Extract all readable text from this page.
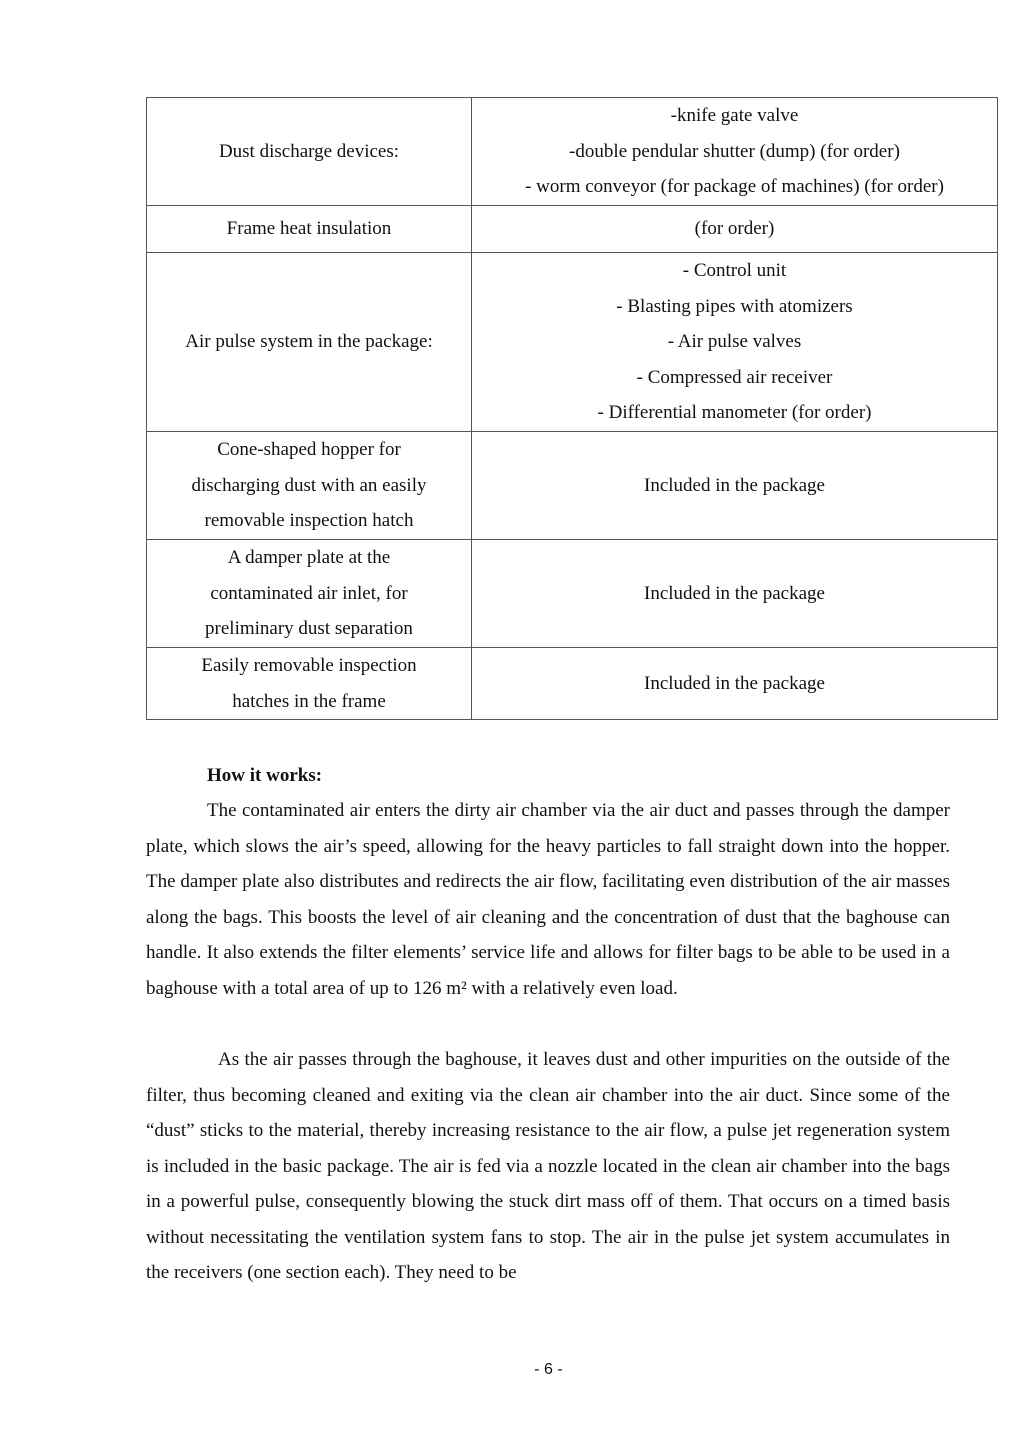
Dust discharge devices:	-knife gate valve
-double pendular shutter (dump) (for order)
- worm conveyor (for package of machines) (for order)

Frame heat insulation	(for order)

Air pulse system in the package:	- Control unit
- Blasting pipes with atomizers
- Air pulse valves
- Compressed air receiver
- Differential manometer (for order)

Cone-shaped hopper for
discharging dust with an easily
removable inspection hatch	Included in the package

A damper plate at the
contaminated air inlet, for
preliminary dust separation	Included in the package

Easily removable inspection
hatches in the frame	Included in the package
How it works:

The contaminated air enters the dirty air chamber via the air duct and passes through the damper plate, which slows the air’s speed, allowing for the heavy particles to fall straight down into the hopper. The damper plate also distributes and redirects the air flow, facilitating even distribution of the air masses along the bags. This boosts the level of air cleaning and the concentration of dust that the baghouse can handle. It also extends the filter elements’ service life and allows for filter bags to be able to be used in a baghouse with a total area of up to 126 m² with a relatively even load.

As the air passes through the baghouse, it leaves dust and other impurities on the outside of the filter, thus becoming cleaned and exiting via the clean air chamber into the air duct. Since some of the “dust” sticks to the material, thereby increasing resistance to the air flow, a pulse jet regeneration system is included in the basic package. The air is fed via a nozzle located in the clean air chamber into the bags in a powerful pulse, consequently blowing the stuck dirt mass off of them. That occurs on a timed basis without necessitating the ventilation system fans to stop. The air in the pulse jet system accumulates in the receivers (one section each). They need to be

- 6 -
